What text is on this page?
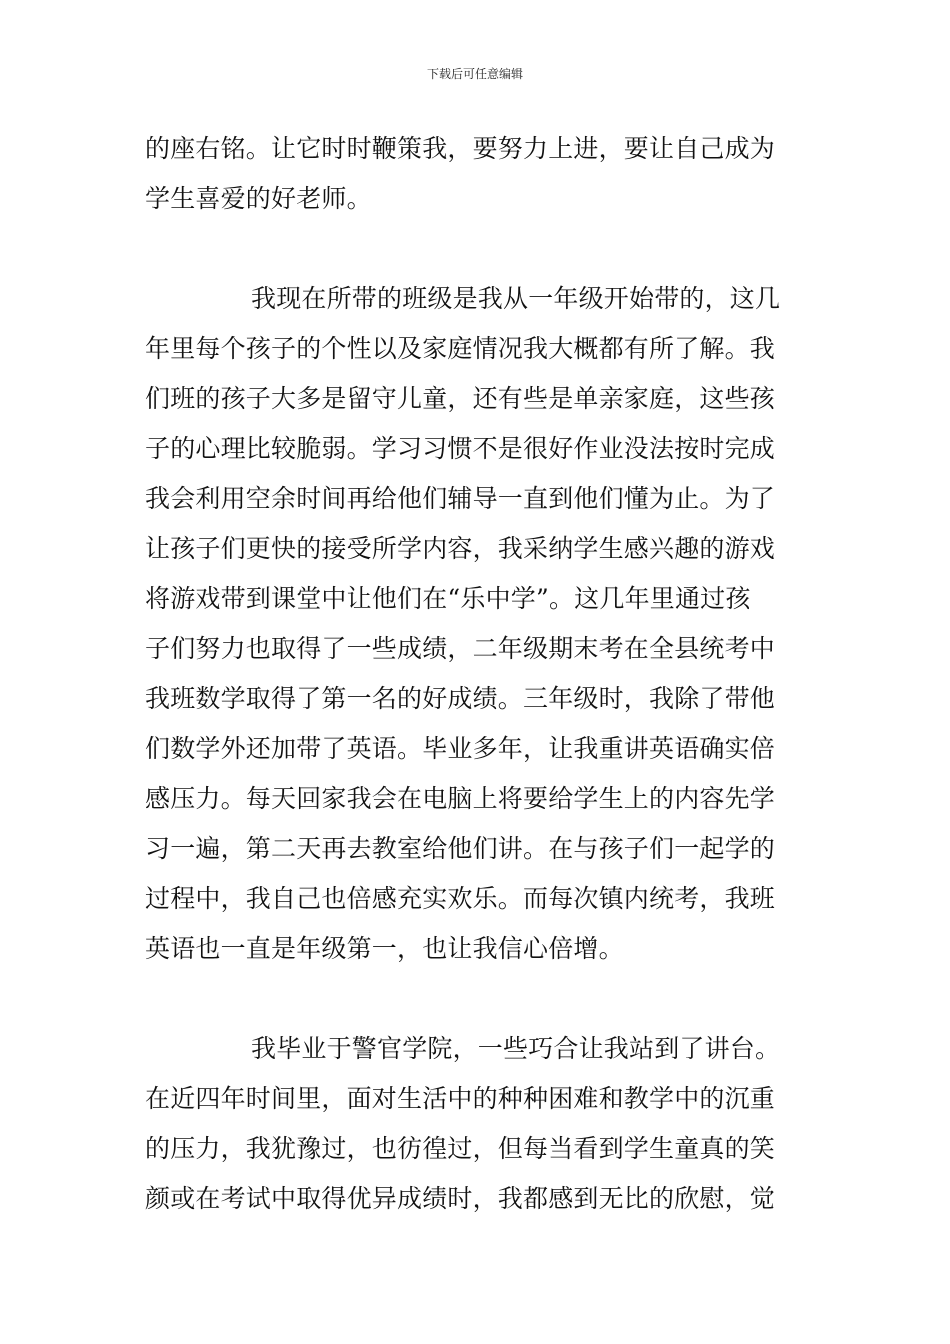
下载后可任意编辑
的座右铭。让它时时鞭策我，要努力上进，要让自己成为
学生喜爱的好老师。
我现在所带的班级是我从一年级开始带的，这几
年里每个孩子的个性以及家庭情况我大概都有所了解。我
们班的孩子大多是留守儿童，还有些是单亲家庭，这些孩
子的心理比较脆弱。学习习惯不是很好作业没法按时完成
我会利用空余时间再给他们辅导一直到他们懂为止。为了
让孩子们更快的接受所学内容，我采纳学生感兴趣的游戏
将游戏带到课堂中让他们在“乐中学”。这几年里通过孩
子们努力也取得了一些成绩，二年级期末考在全县统考中
我班数学取得了第一名的好成绩。三年级时，我除了带他
们数学外还加带了英语。毕业多年，让我重讲英语确实倍
感压力。每天回家我会在电脑上将要给学生上的内容先学
习一遍，第二天再去教室给他们讲。在与孩子们一起学的
过程中，我自己也倍感充实欢乐。而每次镇内统考，我班
英语也一直是年级第一，也让我信心倍增。
我毕业于警官学院，一些巧合让我站到了讲台。
在近四年时间里，面对生活中的种种困难和教学中的沉重
的压力，我犹豫过，也彷徨过，但每当看到学生童真的笑
颜或在考试中取得优异成绩时，我都感到无比的欣慰，觉
